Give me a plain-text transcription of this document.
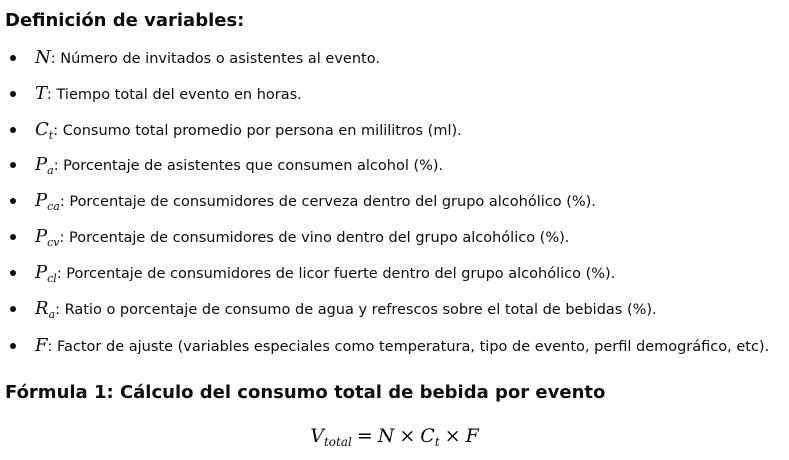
Definición de variables:
N: Número de invitados o asistentes al evento.
T: Tiempo total del evento en horas.
$C_t$: Consumo total promedio por persona en mililitros (ml).
$P_a$: Porcentaje de asistentes que consumen alcohol (%).
$P_{ca}$: Porcentaje de consumidores de cerveza dentro del grupo alcohólico (%).
$P_{cv}$: Porcentaje de consumidores de vino dentro del grupo alcohólico (%).
$P_{cl}$: Porcentaje de consumidores de licor fuerte dentro del grupo alcohólico (%).
$R_a$: Ratio o porcentaje de consumo de agua y refrescos sobre el total de bebidas (%).
F: Factor de ajuste (variables especiales como temperatura, tipo de evento, perfil demográfico, etc).
Fórmula 1: Cálculo del consumo total de bebida por evento
$V_{total} = N \times C_t \times F$
